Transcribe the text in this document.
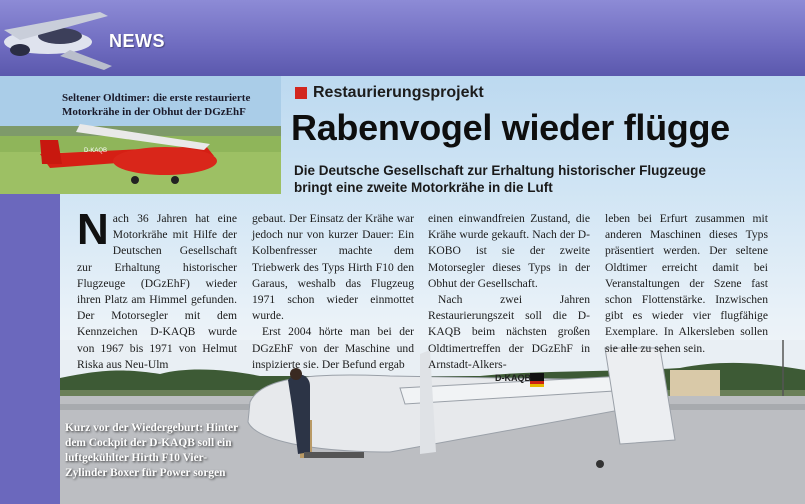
NEWS
D-KAQB
Seltener Oldtimer: die erste restaurierte Motorkrähe in der Obhut der DGzEhF
Restaurierungsprojekt
Rabenvogel wieder flügge
Die Deutsche Gesellschaft zur Erhaltung historischer Flugzeuge bringt eine zweite Motorkrähe in die Luft
D-KAQB

Nach 36 Jahren hat eine Motorkrähe mit Hilfe der Deutschen Gesellschaft zur Erhaltung historischer Flugzeuge (DGzEhF) wieder ihren Platz am Himmel gefunden. Der Motorsegler mit dem Kennzeichen D-KAQB wurde von 1967 bis 1971 von Helmut Riska aus Neu-Ulm

gebaut. Der Einsatz der Krähe war jedoch nur von kurzer Dauer: Ein Kolbenfresser machte dem Triebwerk des Typs Hirth F10 den Garaus, weshalb das Flugzeug 1971 schon wieder einmottet wurde.

Erst 2004 hörte man bei der DGzEhF von der Maschine und inspizierte sie. Der Befund ergab

einen einwandfreien Zustand, die Krähe wurde gekauft. Nach der D-KOBO ist sie der zweite Motorsegler dieses Typs in der Obhut der Gesellschaft.

Nach zwei Jahren Restaurierungszeit soll die D-KAQB beim nächsten großen Oldtimertreffen der DGzEhF in Arnstadt-Alkers-

leben bei Erfurt zusammen mit anderen Maschinen dieses Typs präsentiert werden. Der seltene Oldtimer erreicht damit bei Veranstaltungen der Szene fast schon Flottenstärke. Inzwischen gibt es wieder vier flugfähige Exemplare. In Alkersleben sollen sie alle zu sehen sein.

Kurz vor der Wiedergeburt: Hinter dem Cockpit der D-KAQB soll ein luftgekühlter Hirth F10 Vier-Zylinder Boxer für Power sorgen
